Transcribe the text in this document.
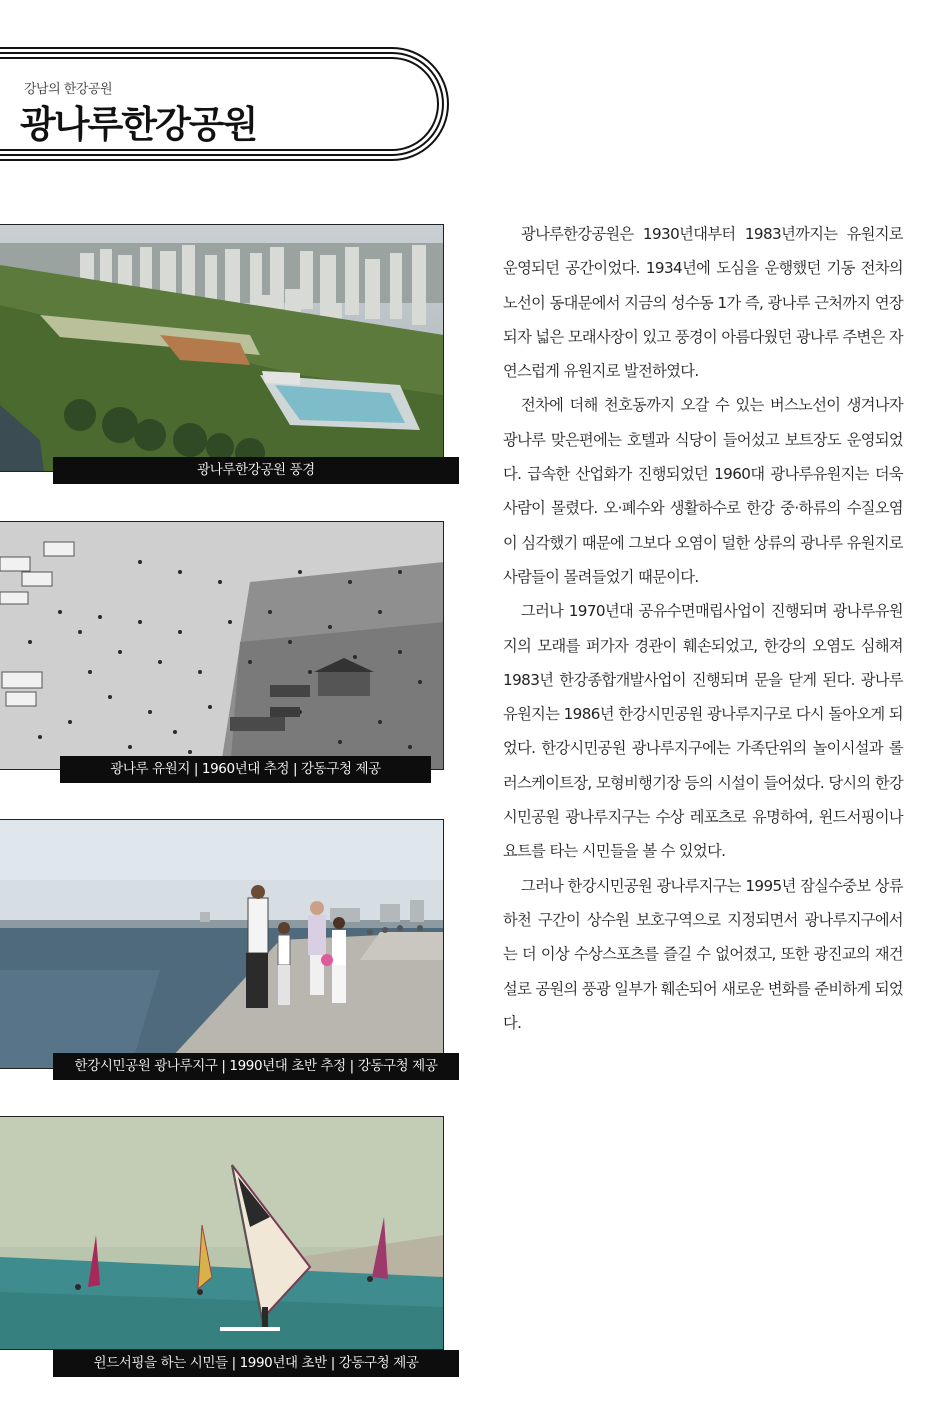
강남의 한강공원
광나루한강공원
광나루한강공원 풍경
광나루 유원지 | 1960년대 추정 | 강동구청 제공
한강시민공원 광나루지구 | 1990년대 초반 추정 | 강동구청 제공
윈드서핑을 하는 시민들 | 1990년대 초반 | 강동구청 제공

광나루한강공원은 1930년대부터 1983년까지는 유원지로 운영되던 공간이었다. 1934년에 도심을 운행했던 기동 전차의 노선이 동대문에서 지금의 성수동 1가 즉, 광나루 근처까지 연장되자 넓은 모래사장이 있고 풍경이 아름다웠던 광나루 주변은 자연스럽게 유원지로 발전하였다.

전차에 더해 천호동까지 오갈 수 있는 버스노선이 생겨나자 광나루 맞은편에는 호텔과 식당이 들어섰고 보트장도 운영되었다. 급속한 산업화가 진행되었던 1960대 광나루유원지는 더욱 사람이 몰렸다. 오·폐수와 생활하수로 한강 중·하류의 수질오염이 심각했기 때문에 그보다 오염이 덜한 상류의 광나루 유원지로 사람들이 몰려들었기 때문이다.

그러나 1970년대 공유수면매립사업이 진행되며 광나루유원지의 모래를 퍼가자 경관이 훼손되었고, 한강의 오염도 심해져 1983년 한강종합개발사업이 진행되며 문을 닫게 된다. 광나루 유원지는 1986년 한강시민공원 광나루지구로 다시 돌아오게 되었다. 한강시민공원 광나루지구에는 가족단위의 놀이시설과 롤러스케이트장, 모형비행기장 등의 시설이 들어섰다. 당시의 한강시민공원 광나루지구는 수상 레포츠로 유명하여, 윈드서핑이나 요트를 타는 시민들을 볼 수 있었다.

그러나 한강시민공원 광나루지구는 1995년 잠실수중보 상류 하천 구간이 상수원 보호구역으로 지정되면서 광나루지구에서는 더 이상 수상스포츠를 즐길 수 없어졌고, 또한 광진교의 재건설로 공원의 풍광 일부가 훼손되어 새로운 변화를 준비하게 되었다.
